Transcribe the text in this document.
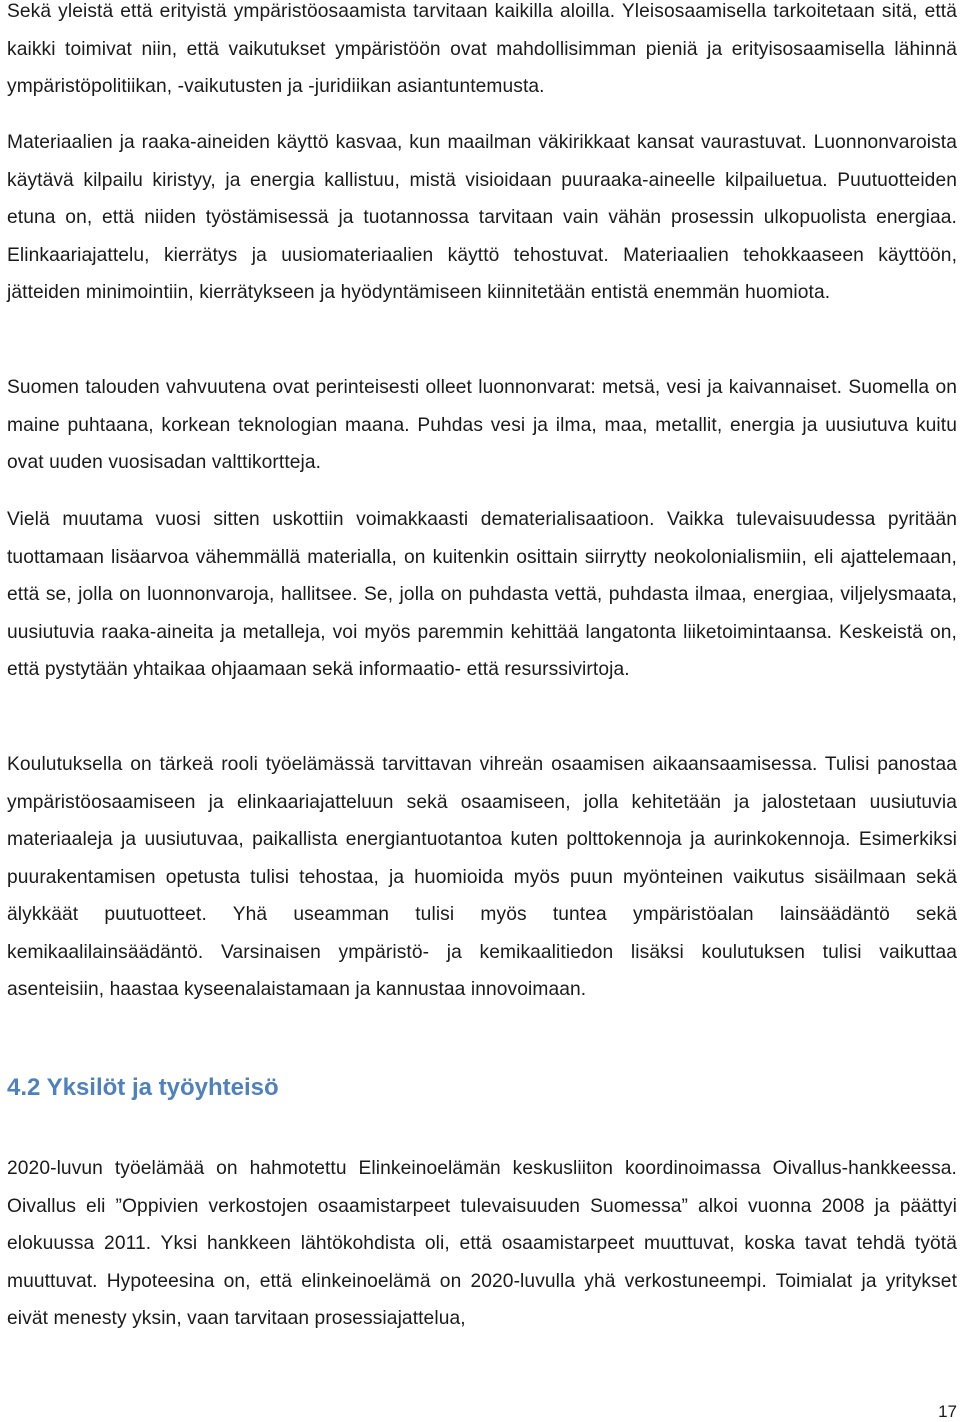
Sekä yleistä että erityistä ympäristöosaamista tarvitaan kaikilla aloilla. Yleisosaamisella tarkoitetaan sitä, että kaikki toimivat niin, että vaikutukset ympäristöön ovat mahdollisimman pieniä ja erityisosaamisella lähinnä ympäristöpolitiikan, -vaikutusten ja -juridiikan asiantuntemusta.

Materiaalien ja raaka-aineiden käyttö kasvaa, kun maailman väkirikkaat kansat vaurastuvat. Luonnonvaroista käytävä kilpailu kiristyy, ja energia kallistuu, mistä visioidaan puuraaka-aineelle kilpailuetua. Puutuotteiden etuna on, että niiden työstämisessä ja tuotannossa tarvitaan vain vähän prosessin ulkopuolista energiaa. Elinkaariajattelu, kierrätys ja uusiomateriaalien käyttö tehostuvat. Materiaalien tehokkaaseen käyttöön, jätteiden minimointiin, kierrätykseen ja hyödyntämiseen kiinnitetään entistä enemmän huomiota.

Suomen talouden vahvuutena ovat perinteisesti olleet luonnonvarat: metsä, vesi ja kaivannaiset. Suomella on maine puhtaana, korkean teknologian maana. Puhdas vesi ja ilma, maa, metallit, energia ja uusiutuva kuitu ovat uuden vuosisadan valttikortteja.

Vielä muutama vuosi sitten uskottiin voimakkaasti dematerialisaatioon. Vaikka tulevaisuudessa pyritään tuottamaan lisäarvoa vähemmällä materialla, on kuitenkin osittain siirrytty neokolonialismiin, eli ajattelemaan, että se, jolla on luonnonvaroja, hallitsee. Se, jolla on puhdasta vettä, puhdasta ilmaa, energiaa, viljelysmaata, uusiutuvia raaka-aineita ja metalleja, voi myös paremmin kehittää langatonta liiketoimintaansa. Keskeistä on, että pystytään yhtaikaa ohjaamaan sekä informaatio- että resurssivirtoja.

Koulutuksella on tärkeä rooli työelämässä tarvittavan vihreän osaamisen aikaansaamisessa. Tulisi panostaa ympäristöosaamiseen ja elinkaariajatteluun sekä osaamiseen, jolla kehitetään ja jalostetaan uusiutuvia materiaaleja ja uusiutuvaa, paikallista energiantuotantoa kuten polttokennoja ja aurinkokennoja. Esimerkiksi puurakentamisen opetusta tulisi tehostaa, ja huomioida myös puun myönteinen vaikutus sisäilmaan sekä älykkäät puutuotteet. Yhä useamman tulisi myös tuntea ympäristöalan lainsäädäntö sekä kemikaalilainsäädäntö. Varsinaisen ympäristö- ja kemikaalitiedon lisäksi koulutuksen tulisi vaikuttaa asenteisiin, haastaa kyseenalaistamaan ja kannustaa innovoimaan.

4.2 Yksilöt ja työyhteisö

2020-luvun työelämää on hahmotettu Elinkeinoelämän keskusliiton koordinoimassa Oivallus-hankkeessa. Oivallus eli ”Oppivien verkostojen osaamistarpeet tulevaisuuden Suomessa” alkoi vuonna 2008 ja päättyi elokuussa 2011. Yksi hankkeen lähtökohdista oli, että osaamistarpeet muuttuvat, koska tavat tehdä työtä muuttuvat. Hypoteesina on, että elinkeinoelämä on 2020-luvulla yhä verkostuneempi. Toimialat ja yritykset eivät menesty yksin, vaan tarvitaan prosessiajattelua,

17
